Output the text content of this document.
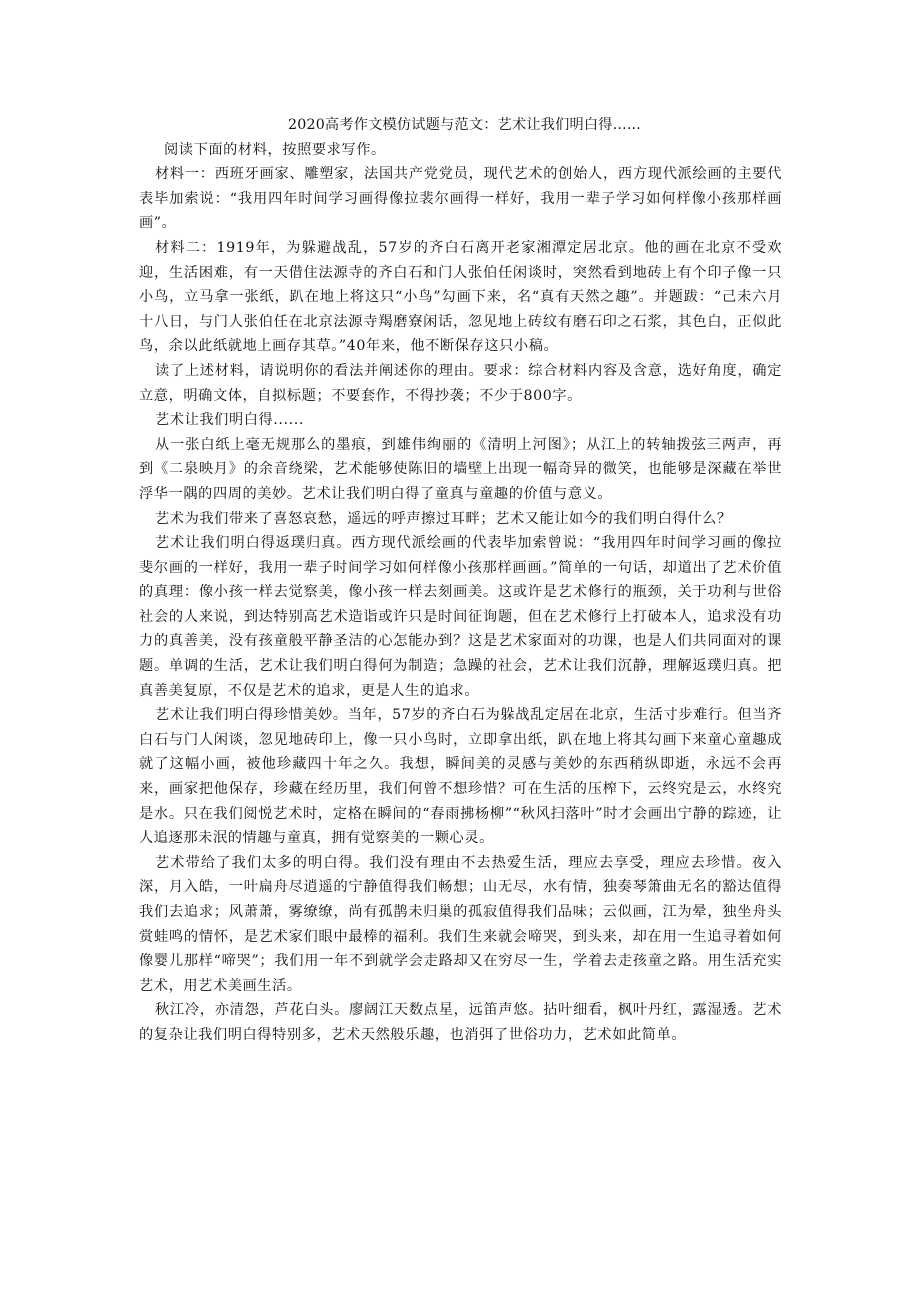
2020高考作文模仿试题与范文：艺术让我们明白得......

阅读下面的材料，按照要求写作。

材料一：西班牙画家、雕塑家，法国共产党党员，现代艺术的创始人，西方现代派绘画的主要代表毕加索说：“我用四年时间学习画得像拉裴尔画得一样好，我用一辈子学习如何样像小孩那样画画”。

材料二：1919年，为躲避战乱，57岁的齐白石离开老家湘潭定居北京。他的画在北京不受欢迎，生活困难，有一天借住法源寺的齐白石和门人张伯任闲谈时，突然看到地砖上有个印子像一只小鸟，立马拿一张纸，趴在地上将这只“小鸟”勾画下来，名“真有天然之趣”。并题跋：“己未六月十八日，与门人张伯任在北京法源寺羯磨寮闲话，忽见地上砖纹有磨石印之石浆，其色白，正似此鸟，余以此纸就地上画存其草。”40年来，他不断保存这只小稿。

读了上述材料，请说明你的看法并阐述你的理由。要求：综合材料内容及含意，选好角度，确定立意，明确文体，自拟标题；不要套作，不得抄袭；不少于800字。

艺术让我们明白得......

从一张白纸上毫无规那么的墨痕，到雄伟绚丽的《清明上河图》；从江上的转轴拨弦三两声，再到《二泉映月》的余音绕梁，艺术能够使陈旧的墙壁上出现一幅奇异的微笑，也能够是深藏在举世浮华一隅的四周的美妙。艺术让我们明白得了童真与童趣的价值与意义。

艺术为我们带来了喜怒哀愁，遥远的呼声擦过耳畔；艺术又能让如今的我们明白得什么？

艺术让我们明白得返璞归真。西方现代派绘画的代表毕加索曾说：“我用四年时间学习画的像拉斐尔画的一样好，我用一辈子时间学习如何样像小孩那样画画。”简单的一句话，却道出了艺术价值的真理：像小孩一样去觉察美，像小孩一样去刻画美。这或许是艺术修行的瓶颈，关于功利与世俗社会的人来说，到达特别高艺术造诣或许只是时间征询题，但在艺术修行上打破本人，追求没有功力的真善美，没有孩童般平静圣洁的心怎能办到？这是艺术家面对的功课，也是人们共同面对的课题。单调的生活，艺术让我们明白得何为制造；急躁的社会，艺术让我们沉静，理解返璞归真。把真善美复原，不仅是艺术的追求，更是人生的追求。

艺术让我们明白得珍惜美妙。当年，57岁的齐白石为躲战乱定居在北京，生活寸步难行。但当齐白石与门人闲谈，忽见地砖印上，像一只小鸟时，立即拿出纸，趴在地上将其勾画下来童心童趣成就了这幅小画，被他珍藏四十年之久。我想，瞬间美的灵感与美妙的东西稍纵即逝，永远不会再来，画家把他保存，珍藏在经历里，我们何曾不想珍惜？可在生活的压榨下，云终究是云，水终究是水。只在我们阅悦艺术时，定格在瞬间的“春雨拂杨柳”“秋风扫落叶”时才会画出宁静的踪迹，让人追逐那未泯的情趣与童真，拥有觉察美的一颗心灵。

艺术带给了我们太多的明白得。我们没有理由不去热爱生活，理应去享受，理应去珍惜。夜入深，月入皓，一叶扁舟尽逍遥的宁静值得我们畅想；山无尽，水有情，独奏琴箫曲无名的豁达值得我们去追求；风萧萧，雾缭缭，尚有孤鹊未归巢的孤寂值得我们品味；云似画，江为晕，独坐舟头赏蛙鸣的情怀，是艺术家们眼中最棒的福利。我们生来就会啼哭，到头来，却在用一生追寻着如何像婴儿那样“啼哭”；我们用一年不到就学会走路却又在穷尽一生，学着去走孩童之路。用生活充实艺术，用艺术美画生活。

秋江冷，亦清怨，芦花白头。廖阔江天数点星，远笛声悠。拈叶细看，枫叶丹红，露湿透。艺术的复杂让我们明白得特别多，艺术天然般乐趣，也消弭了世俗功力，艺术如此简单。
